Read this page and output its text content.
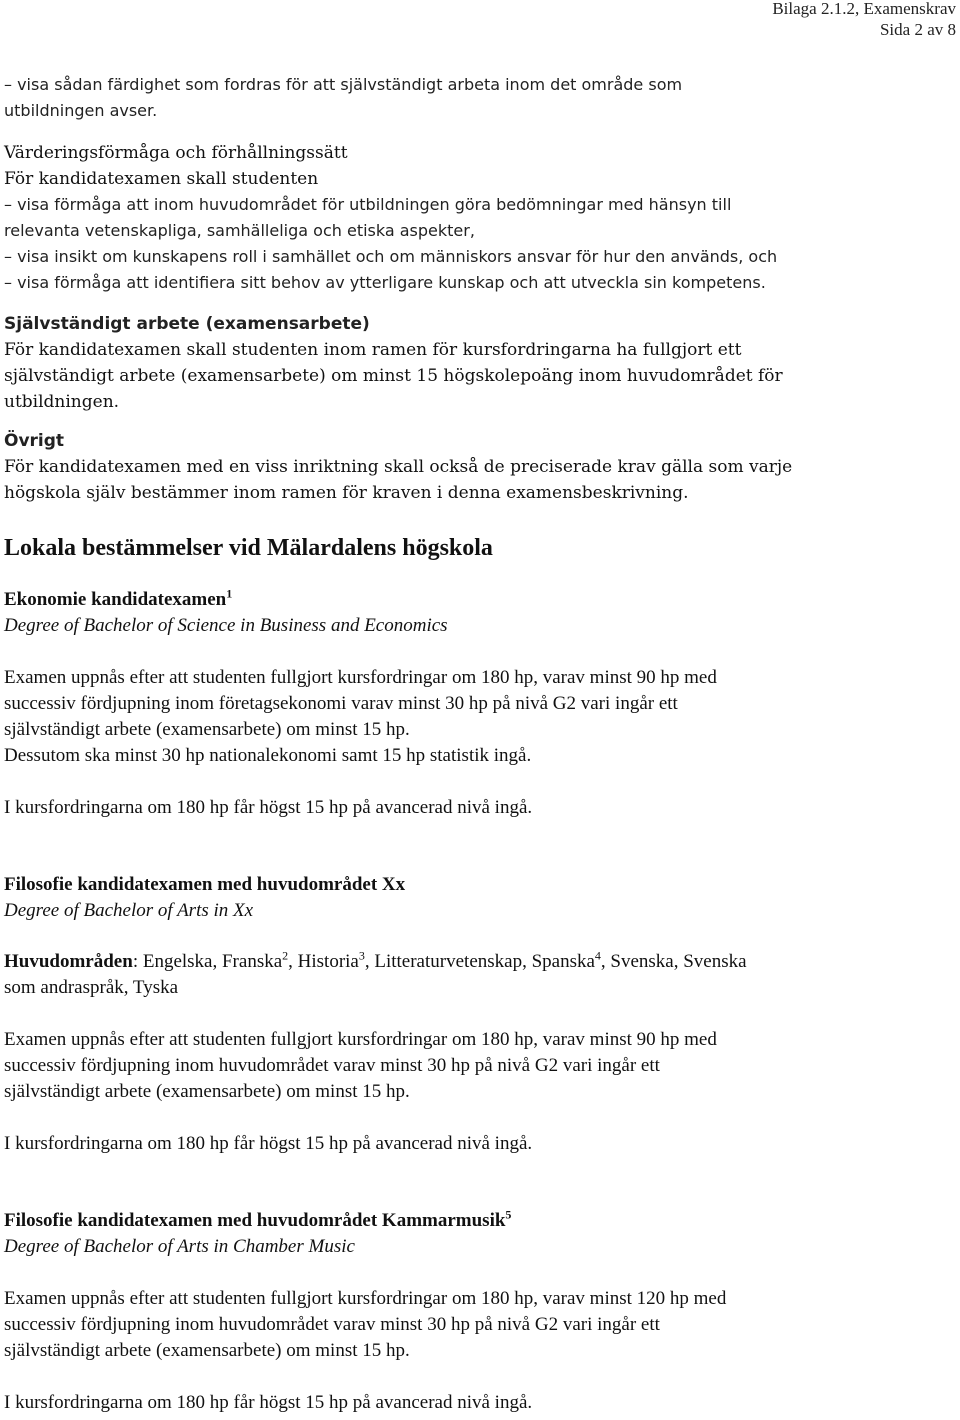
Bilaga 2.1.2, Examenskrav
Sida 2 av 8
– visa sådan färdighet som fordras för att självständigt arbeta inom det område som
utbildningen avser.
Värderingsförmåga och förhållningssätt
För kandidatexamen skall studenten
– visa förmåga att inom huvudområdet för utbildningen göra bedömningar med hänsyn till
relevanta vetenskapliga, samhälleliga och etiska aspekter,
– visa insikt om kunskapens roll i samhället och om människors ansvar för hur den används, och
– visa förmåga att identifiera sitt behov av ytterligare kunskap och att utveckla sin kompetens.
Självständigt arbete (examensarbete)
För kandidatexamen skall studenten inom ramen för kursfordringarna ha fullgjort ett
självständigt arbete (examensarbete) om minst 15 högskolepoäng inom huvudområdet för
utbildningen.
Övrigt
För kandidatexamen med en viss inriktning skall också de preciserade krav gälla som varje
högskola själv bestämmer inom ramen för kraven i denna examensbeskrivning.
Lokala bestämmelser vid Mälardalens högskola
Ekonomie kandidatexamen$^1$
Degree of Bachelor of Science in Business and Economics
Examen uppnås efter att studenten fullgjort kursfordringar om 180 hp, varav minst 90 hp med
successiv fördjupning inom företagsekonomi varav minst 30 hp på nivå G2 vari ingår ett
självständigt arbete (examensarbete) om minst 15 hp.
Dessutom ska minst 30 hp nationalekonomi samt 15 hp statistik ingå.
I kursfordringarna om 180 hp får högst 15 hp på avancerad nivå ingå.
Filosofie kandidatexamen med huvudområdet Xx
Degree of Bachelor of Arts in Xx
Huvudområden: Engelska, Franska$^2$, Historia$^3$, Litteraturvetenskap, Spanska$^4$, Svenska, Svenska
som andraspråk, Tyska
Examen uppnås efter att studenten fullgjort kursfordringar om 180 hp, varav minst 90 hp med
successiv fördjupning inom huvudområdet varav minst 30 hp på nivå G2 vari ingår ett
självständigt arbete (examensarbete) om minst 15 hp.
I kursfordringarna om 180 hp får högst 15 hp på avancerad nivå ingå.
Filosofie kandidatexamen med huvudområdet Kammarmusik$^5$
Degree of Bachelor of Arts in Chamber Music
Examen uppnås efter att studenten fullgjort kursfordringar om 180 hp, varav minst 120 hp med
successiv fördjupning inom huvudområdet varav minst 30 hp på nivå G2 vari ingår ett
självständigt arbete (examensarbete) om minst 15 hp.
I kursfordringarna om 180 hp får högst 15 hp på avancerad nivå ingå.
